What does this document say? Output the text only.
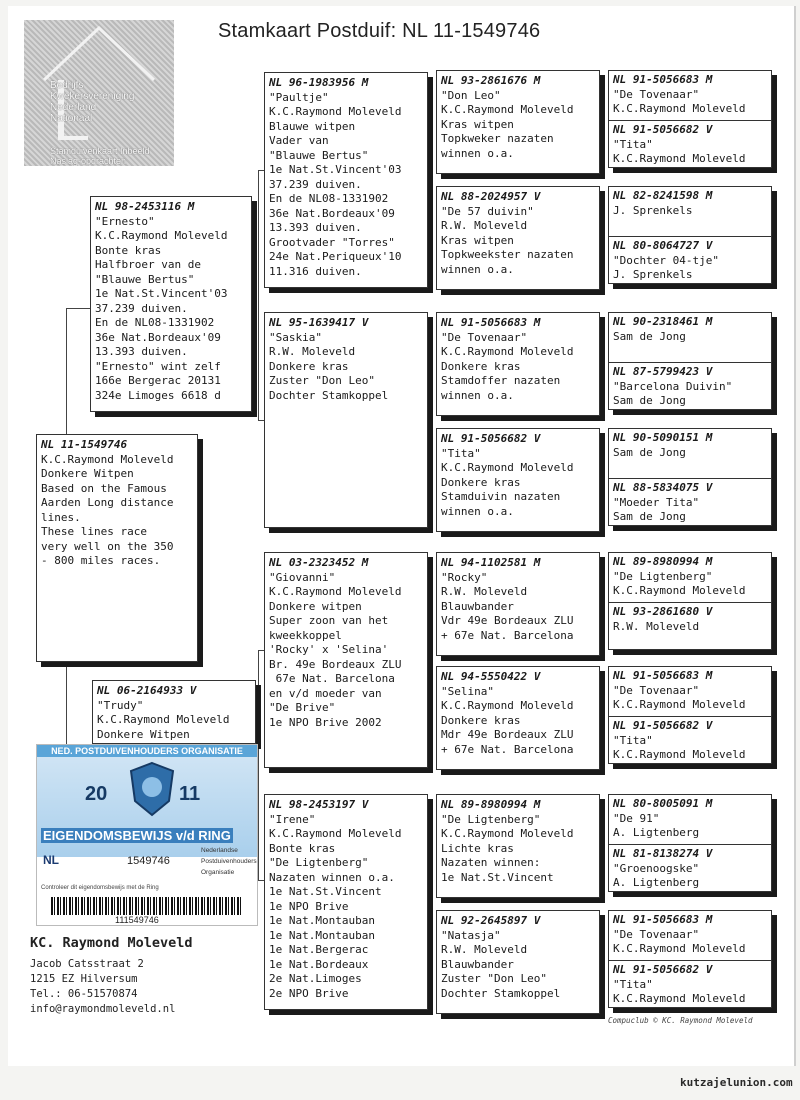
Bedrijfs
Kwekersvereniging
Nederland
Nationaal
Stamduivenkaart Inbeeld
Naslag-opdrachten
Stamkaart Postduif: NL 11-1549746
NL 11-1549746
K.C.Raymond Moleveld
Donkere Witpen
Based on the Famous
Aarden Long distance
lines.
These lines race
very well on the 350
- 800 miles races.
NL 98-2453116 M
"Ernesto"
K.C.Raymond Moleveld
Bonte kras
Halfbroer van de
"Blauwe Bertus"
1e Nat.St.Vincent'03
37.239 duiven.
En de NL08-1331902
36e Nat.Bordeaux'09
13.393 duiven.
"Ernesto" wint zelf
166e Bergerac 20131
324e Limoges 6618 d
NL 06-2164933 V
"Trudy"
K.C.Raymond Moleveld
Donkere Witpen
NL 96-1983956 M
"Paultje"
K.C.Raymond Moleveld
Blauwe witpen
Vader van
"Blauwe Bertus"
1e Nat.St.Vincent'03
37.239 duiven.
En de NL08-1331902
36e Nat.Bordeaux'09
13.393 duiven.
Grootvader "Torres"
24e Nat.Periqueux'10
11.316 duiven.
NL 95-1639417 V
"Saskia"
R.W. Moleveld
Donkere kras
Zuster "Don Leo"
Dochter Stamkoppel
NL 03-2323452 M
"Giovanni"
K.C.Raymond Moleveld
Donkere witpen
Super zoon van het
kweekkoppel
'Rocky' x 'Selina'
Br. 49e Bordeaux ZLU
67e Nat. Barcelona
en v/d moeder van
"De Brive"
1e NPO Brive 2002
NL 98-2453197 V
"Irene"
K.C.Raymond Moleveld
Bonte kras
"De Ligtenberg"
Nazaten winnen o.a.
1e Nat.St.Vincent
1e NPO Brive
1e Nat.Montauban
1e Nat.Montauban
1e Nat.Bergerac
1e Nat.Bordeaux
2e Nat.Limoges
2e NPO Brive
NL 93-2861676 M
"Don Leo"
K.C.Raymond Moleveld
Kras witpen
Topkweker nazaten
winnen o.a.
NL 88-2024957 V
"De 57 duivin"
R.W. Moleveld
Kras witpen
Topkweekster nazaten
winnen o.a.
NL 91-5056683 M
"De Tovenaar"
K.C.Raymond Moleveld
Donkere kras
Stamdoffer nazaten
winnen o.a.
NL 91-5056682 V
"Tita"
K.C.Raymond Moleveld
Donkere kras
Stamduivin nazaten
winnen o.a.
NL 94-1102581 M
"Rocky"
R.W. Moleveld
Blauwbander
Vdr 49e Bordeaux ZLU
+ 67e Nat. Barcelona
NL 94-5550422 V
"Selina"
K.C.Raymond Moleveld
Donkere kras
Mdr 49e Bordeaux ZLU
+ 67e Nat. Barcelona
NL 89-8980994 M
"De Ligtenberg"
K.C.Raymond Moleveld
Lichte kras
Nazaten winnen:
1e Nat.St.Vincent
NL 92-2645897 V
"Natasja"
R.W. Moleveld
Blauwbander
Zuster "Don Leo"
Dochter Stamkoppel
NL 91-5056683 M
"De Tovenaar"
K.C.Raymond Moleveld
NL 91-5056682 V
"Tita"
K.C.Raymond Moleveld
NL 82-8241598 M
J. Sprenkels
NL 80-8064727 V
"Dochter 04-tje"
J. Sprenkels
NL 90-2318461 M
Sam de Jong
NL 87-5799423 V
"Barcelona Duivin"
Sam de Jong
NL 90-5090151 M
Sam de Jong
NL 88-5834075 V
"Moeder Tita"
Sam de Jong
NL 89-8980994 M
"De Ligtenberg"
K.C.Raymond Moleveld
NL 93-2861680 V
R.W. Moleveld
NL 91-5056683 M
"De Tovenaar"
K.C.Raymond Moleveld
NL 91-5056682 V
"Tita"
K.C.Raymond Moleveld
NL 80-8005091 M
"De 91"
A. Ligtenberg
NL 81-8138274 V
"Groenoogske"
A. Ligtenberg
NL 91-5056683 M
"De Tovenaar"
K.C.Raymond Moleveld
NL 91-5056682 V
"Tita"
K.C.Raymond Moleveld
NED. POSTDUIVENHOUDERS ORGANISATIE
20	11
EIGENDOMSBEWIJS v/d RING
NL	1549746
Nederlandse
Postduivenhouders
Organisatie
Controleer dit eigendomsbewijs met de Ring
111549746
KC. Raymond Moleveld
Jacob Catsstraat 2
1215 EZ Hilversum
Tel.: 06-51570874
info@raymondmoleveld.nl
Compuclub © KC. Raymond Moleveld
kutzajelunion.com
